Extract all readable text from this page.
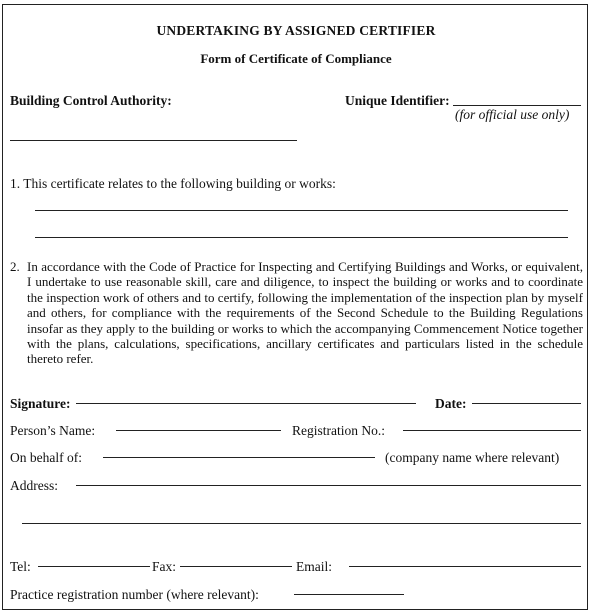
UNDERTAKING BY ASSIGNED CERTIFIER
Form of Certificate of Compliance
Building Control Authority:	Unique Identifier:
(for official use only)
1. This certificate relates to the following building or works:
2. In accordance with the Code of Practice for Inspecting and Certifying Buildings and Works, or equivalent, I undertake to use reasonable skill, care and diligence, to inspect the building or works and to coordinate the inspection work of others and to certify, following the implementation of the inspection plan by myself and others, for compliance with the requirements of the Second Schedule to the Building Regulations insofar as they apply to the building or works to which the accompanying Commencement Notice together with the plans, calculations, specifications, ancillary certificates and particulars listed in the schedule thereto refer.
Signature:	Date:
Person’s Name:	Registration No.:
On behalf of:	(company name where relevant)
Address:
Tel:	Fax:	Email:
Practice registration number (where relevant):
